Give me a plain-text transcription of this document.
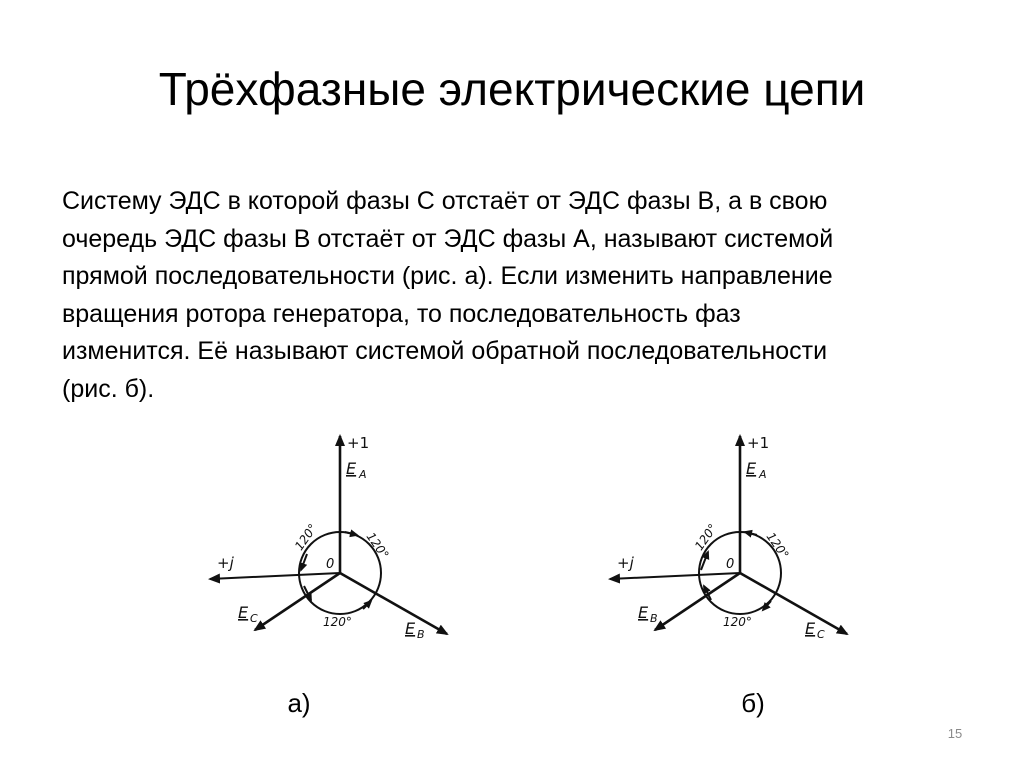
Трёхфазные электрические цепи
Систему ЭДС в которой фазы С отстаёт от ЭДС фазы В, а в свою
очередь ЭДС фазы В отстаёт от ЭДС фазы А, называют системой
прямой последовательности (рис. а). Если изменить направление
вращения ротора генератора, то последовательность фаз
изменится. Её называют системой обратной последовательности
(рис. б).
+1
E A
+j	0
120°	120°
120°
E C
E B
+1
E A
+j	0
120°	120°
120°
E B
E C
а)	б)
15
